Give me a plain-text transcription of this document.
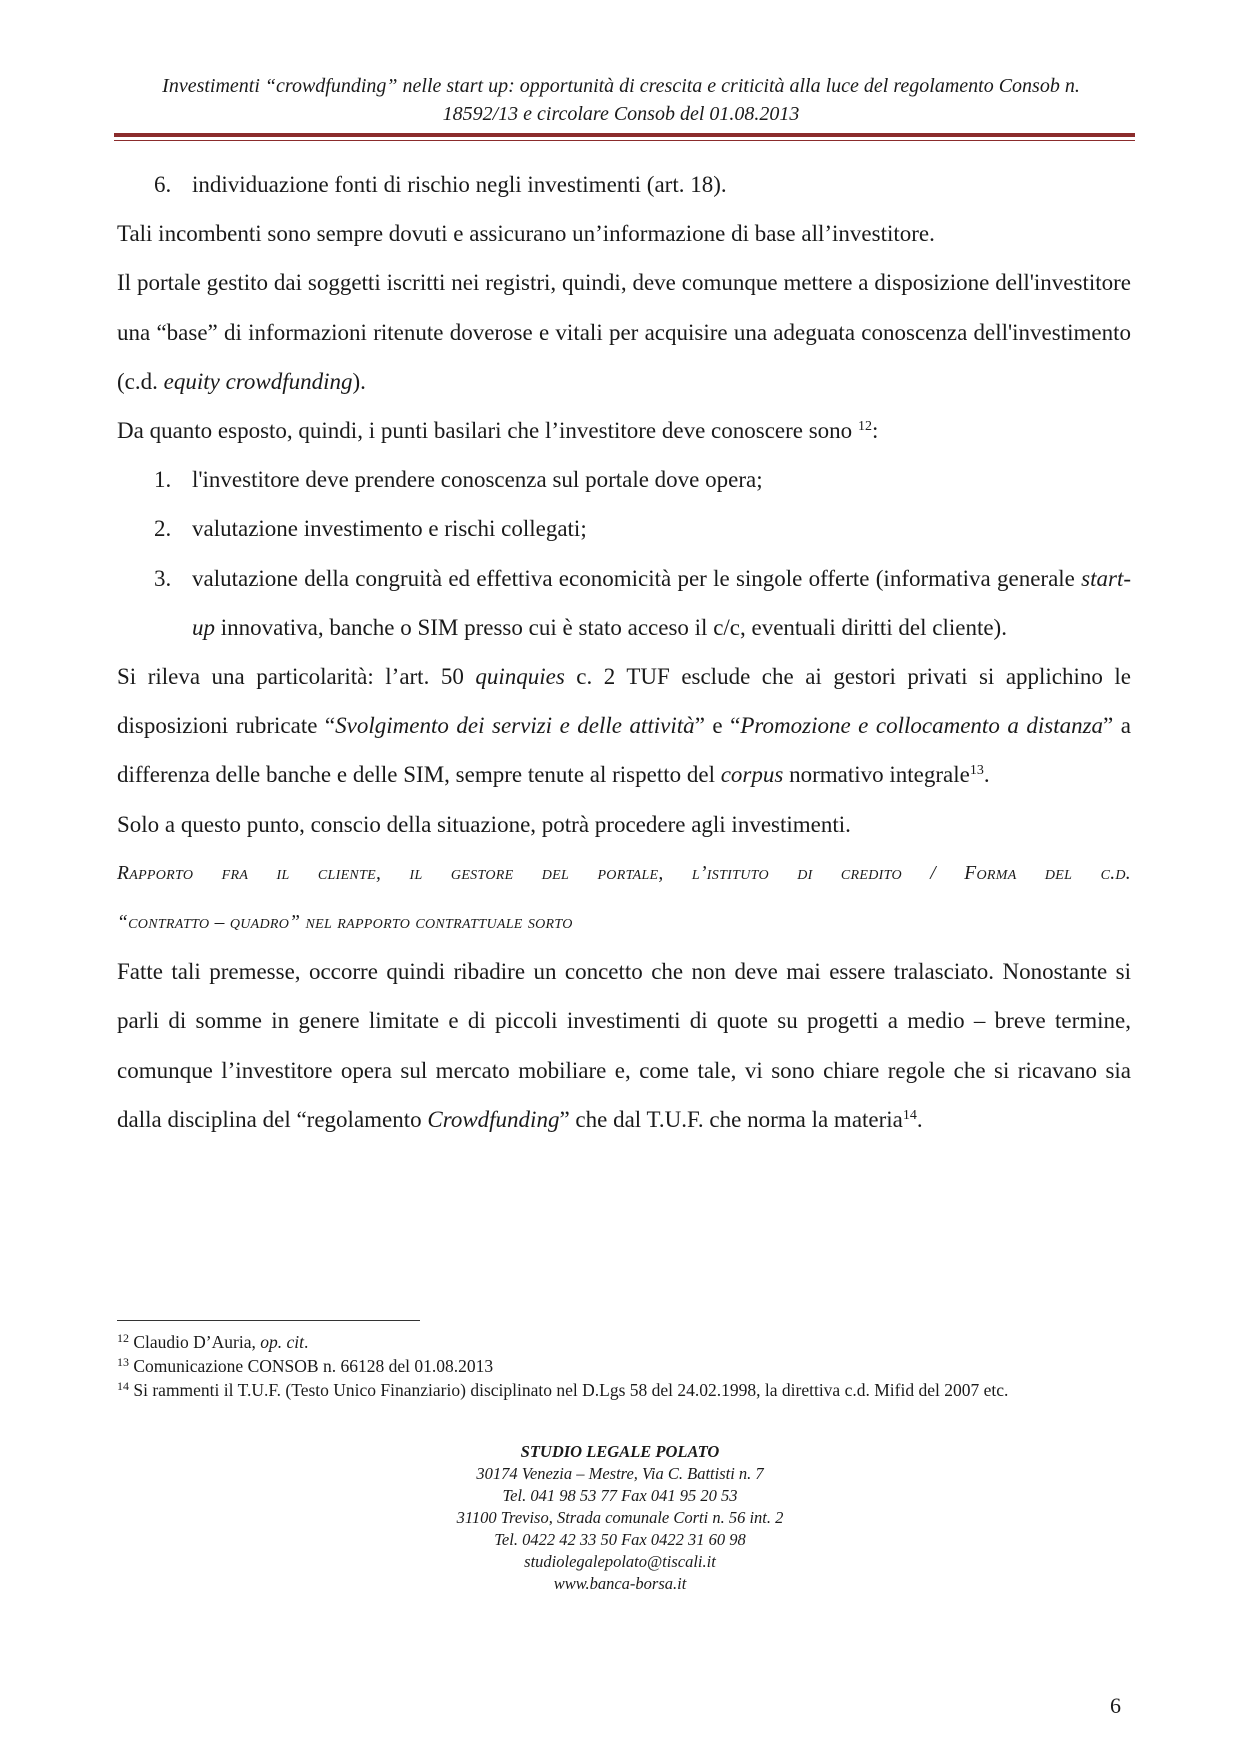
Investimenti “crowdfunding” nelle start up: opportunità di crescita e criticità alla luce del regolamento Consob n.
18592/13 e circolare Consob del 01.08.2013
6. individuazione fonti di rischio negli investimenti (art. 18).

Tali incombenti sono sempre dovuti e assicurano un’informazione di base all’investitore.

Il portale gestito dai soggetti iscritti nei registri, quindi, deve comunque mettere a disposizione dell'investitore una “base” di informazioni ritenute doverose e vitali per acquisire una adeguata conoscenza dell'investimento (c.d. equity crowdfunding).

Da quanto esposto, quindi, i punti basilari che l’investitore deve conoscere sono $^{12}$:

1. l'investitore deve prendere conoscenza sul portale dove opera;
2. valutazione investimento e rischi collegati;
3. valutazione della congruità ed effettiva economicità per le singole offerte (informativa generale start-up innovativa, banche o SIM presso cui è stato acceso il c/c, eventuali diritti del cliente).

Si rileva una particolarità: l’art. 50 quinquies c. 2 TUF esclude che ai gestori privati si applichino le disposizioni rubricate “Svolgimento dei servizi e delle attività” e “Promozione e collocamento a distanza” a differenza delle banche e delle SIM, sempre tenute al rispetto del corpus normativo integrale$^{13}$.

Solo a questo punto, conscio della situazione, potrà procedere agli investimenti.

Rapporto fra il cliente, il gestore del portale, l’istituto di credito / Forma del c.d.

“contratto – quadro” nel rapporto contrattuale sorto

Fatte tali premesse, occorre quindi ribadire un concetto che non deve mai essere tralasciato. Nonostante si parli di somme in genere limitate e di piccoli investimenti di quote su progetti a medio – breve termine, comunque l’investitore opera sul mercato mobiliare e, come tale, vi sono chiare regole che si ricavano sia dalla disciplina del “regolamento Crowdfunding” che dal T.U.F. che norma la materia$^{14}$.

$^{12}$ Claudio D’Auria, op. cit.

$^{13}$ Comunicazione CONSOB n. 66128 del 01.08.2013

$^{14}$ Si rammenti il T.U.F. (Testo Unico Finanziario) disciplinato nel D.Lgs 58 del 24.02.1998, la direttiva c.d. Mifid del 2007 etc.

STUDIO LEGALE POLATO
30174 Venezia – Mestre, Via C. Battisti n. 7
Tel. 041 98 53 77 Fax 041 95 20 53
31100 Treviso, Strada comunale Corti n. 56 int. 2
Tel. 0422 42 33 50 Fax 0422 31 60 98
studiolegalepolato@tiscali.it
www.banca-borsa.it
6
